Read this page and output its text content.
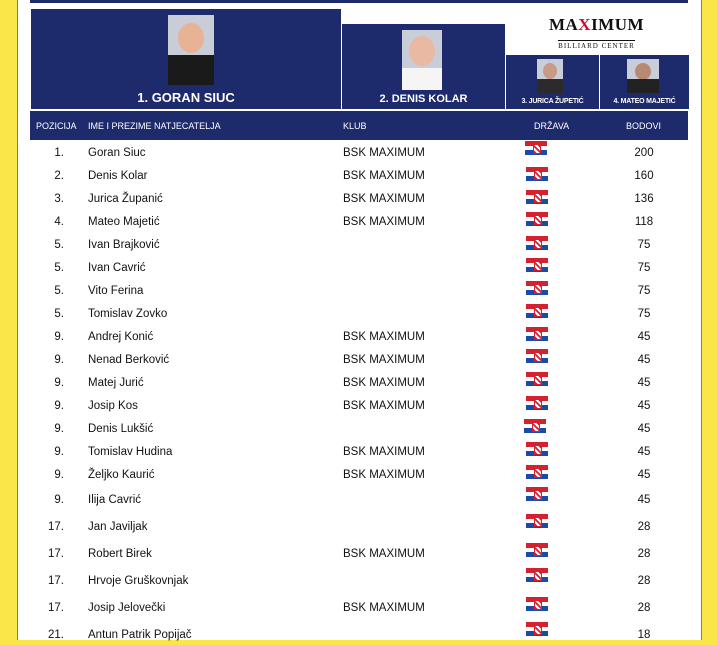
1. GORAN SIUC	2. DENIS KOLAR
MAXIMUM
BILLIARD CENTER
3. JURICA ŽUPETIĆ	4. MATEO MAJETIĆ
POZICIJA IME I PREZIME NATJECATELJA	KLUB	DRŽAVA	BODOVI
1. Goran Siuc	BSK MAXIMUM	200
2. Denis Kolar	BSK MAXIMUM	160
3. Jurica Županić	BSK MAXIMUM	136
4. Mateo Majetić	BSK MAXIMUM	118
5. Ivan Brajković	75
5. Ivan Cavrić	75
5. Vito Ferina	75
5. Tomislav Zovko	75
9. Andrej Konić	BSK MAXIMUM	45
9. Nenad Berković	BSK MAXIMUM	45
9. Matej Jurić	BSK MAXIMUM	45
9. Josip Kos	BSK MAXIMUM	45
9. Denis Lukšić	45
9. Tomislav Hudina	BSK MAXIMUM	45
9. Željko Kaurić	BSK MAXIMUM	45
9. Ilija Cavrić	45
17. Jan Javiljak	28
17. Robert Birek	BSK MAXIMUM	28
17. Hrvoje Gruškovnjak	28
17. Josip Jelovečki	BSK MAXIMUM	28
21. Antun Patrik Popijač	18
